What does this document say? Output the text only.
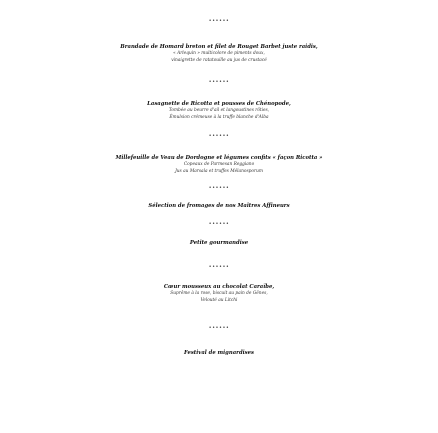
••••••
Brandade de Homard breton et filet de Rouget Barbet juste raidis,
« Arlequin » multicolore de piments doux,
vinaigrette de ratatouille au jus de crustacé
••••••
Lasagnette de Ricotta et pousses de Chénopode,
Tombée au beurre d'ail et langoustines rôties,
Émulsion crémeuse à la truffe blanche d'Alba
••••••
Millefeuille de Veau de Dordogne et légumes confits « façon Ricotta »
Copeaux de Parmesan Reggiano
Jus au Marsala et truffes Mélanosporum
••••••
Sélection de fromages de nos Maîtres Affineurs
••••••
Petite gourmandise
••••••
Cœur mousseux au chocolat Caraïbe,
Suprême à la rose, biscuit au pain de Gênes,
Velouté au Litchi
••••••
Festival de mignardises
